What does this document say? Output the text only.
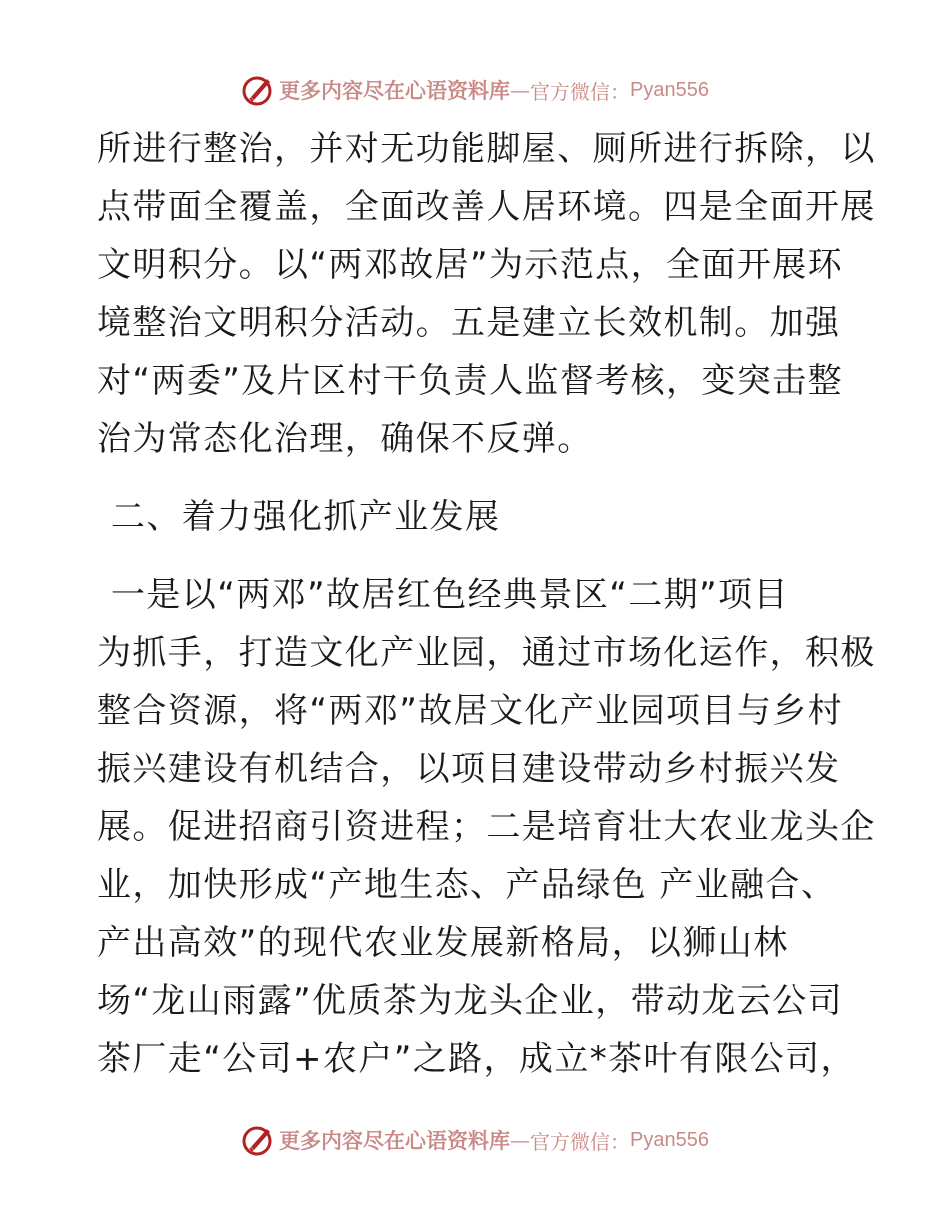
更多内容尽在心语资料库 — 官方微信： Pyan556
所进行整治，并对无功能脚屋、厕所进行拆除，以
点带面全覆盖，全面改善人居环境。四是全面开展
文明积分。以“两邓故居”为示范点，全面开展环
境整治文明积分活动。五是建立长效机制。加强
对“两委”及片区村干负责人监督考核，变突击整
治为常态化治理，确保不反弹。
二、着力强化抓产业发展
一是以“两邓”故居红色经典景区“二期”项目
为抓手，打造文化产业园，通过市场化运作，积极
整合资源，将“两邓”故居文化产业园项目与乡村
振兴建设有机结合，以项目建设带动乡村振兴发
展。促进招商引资进程；二是培育壮大农业龙头企
业，加快形成“产地生态、产品绿色 产业融合、
产出高效”的现代农业发展新格局，以狮山林
场“龙山雨露”优质茶为龙头企业，带动龙云公司
茶厂走“公司+农户”之路，成立*茶叶有限公司，
更多内容尽在心语资料库 — 官方微信： Pyan556
